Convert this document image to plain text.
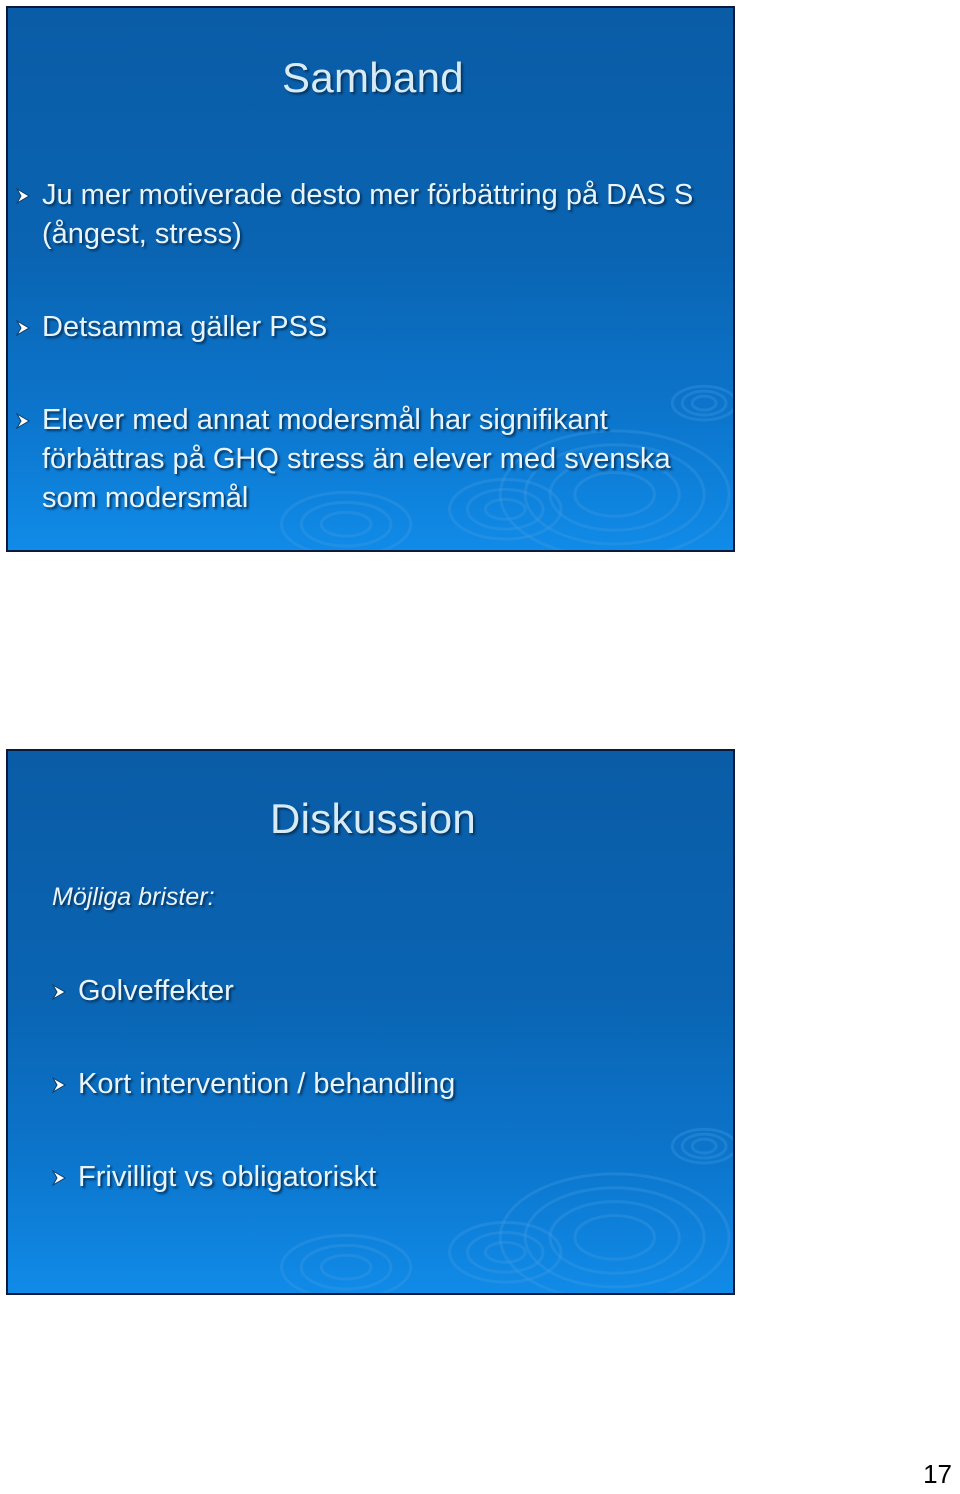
Samband
Ju mer motiverade desto mer förbättring på DAS S (ångest, stress)
Detsamma gäller PSS
Elever med annat modersmål har signifikant förbättras på GHQ stress än elever med svenska som modersmål
Diskussion
Möjliga brister:
Golveffekter
Kort intervention / behandling
Frivilligt vs obligatoriskt
17
